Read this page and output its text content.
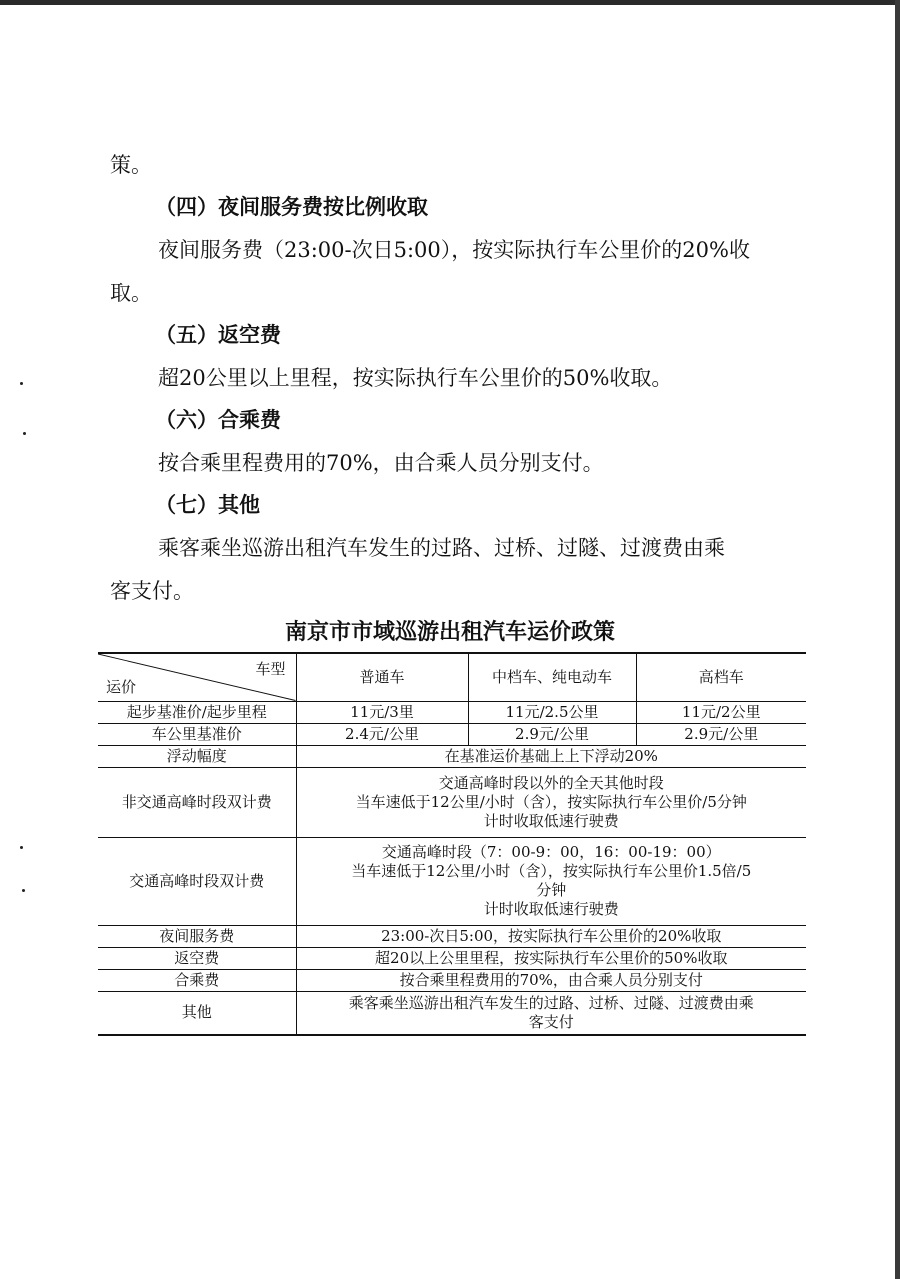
策。
（四）夜间服务费按比例收取
夜间服务费（23:00-次日5:00），按实际执行车公里价的20%收
取。
（五）返空费
超20公里以上里程，按实际执行车公里价的50%收取。
（六）合乘费
按合乘里程费用的70%，由合乘人员分别支付。
（七）其他
乘客乘坐巡游出租汽车发生的过路、过桥、过隧、过渡费由乘
客支付。
南京市市域巡游出租汽车运价政策
车型
运价	普通车	中档车、纯电动车	高档车
起步基准价/起步里程	11元/3里	11元/2.5公里	11元/2公里
车公里基准价	2.4元/公里	2.9元/公里	2.9元/公里
浮动幅度	在基准运价基础上上下浮动20%		
非交通高峰时段双计费	交通高峰时段以外的全天其他时段
当车速低于12公里/小时（含），按实际执行车公里价/5分钟
计时收取低速行驶费		

交通高峰时段双计费	交通高峰时段（7：00-9：00，16：00-19：00）
当车速低于12公里/小时（含），按实际执行车公里价1.5倍/5
分钟
计时收取低速行驶费		

夜间服务费	23:00-次日5:00，按实际执行车公里价的20%收取		
返空费	超20以上公里里程，按实际执行车公里价的50%收取		
合乘费	按合乘里程费用的70%，由合乘人员分别支付		
其他	乘客乘坐巡游出租汽车发生的过路、过桥、过隧、过渡费由乘
客支付		
